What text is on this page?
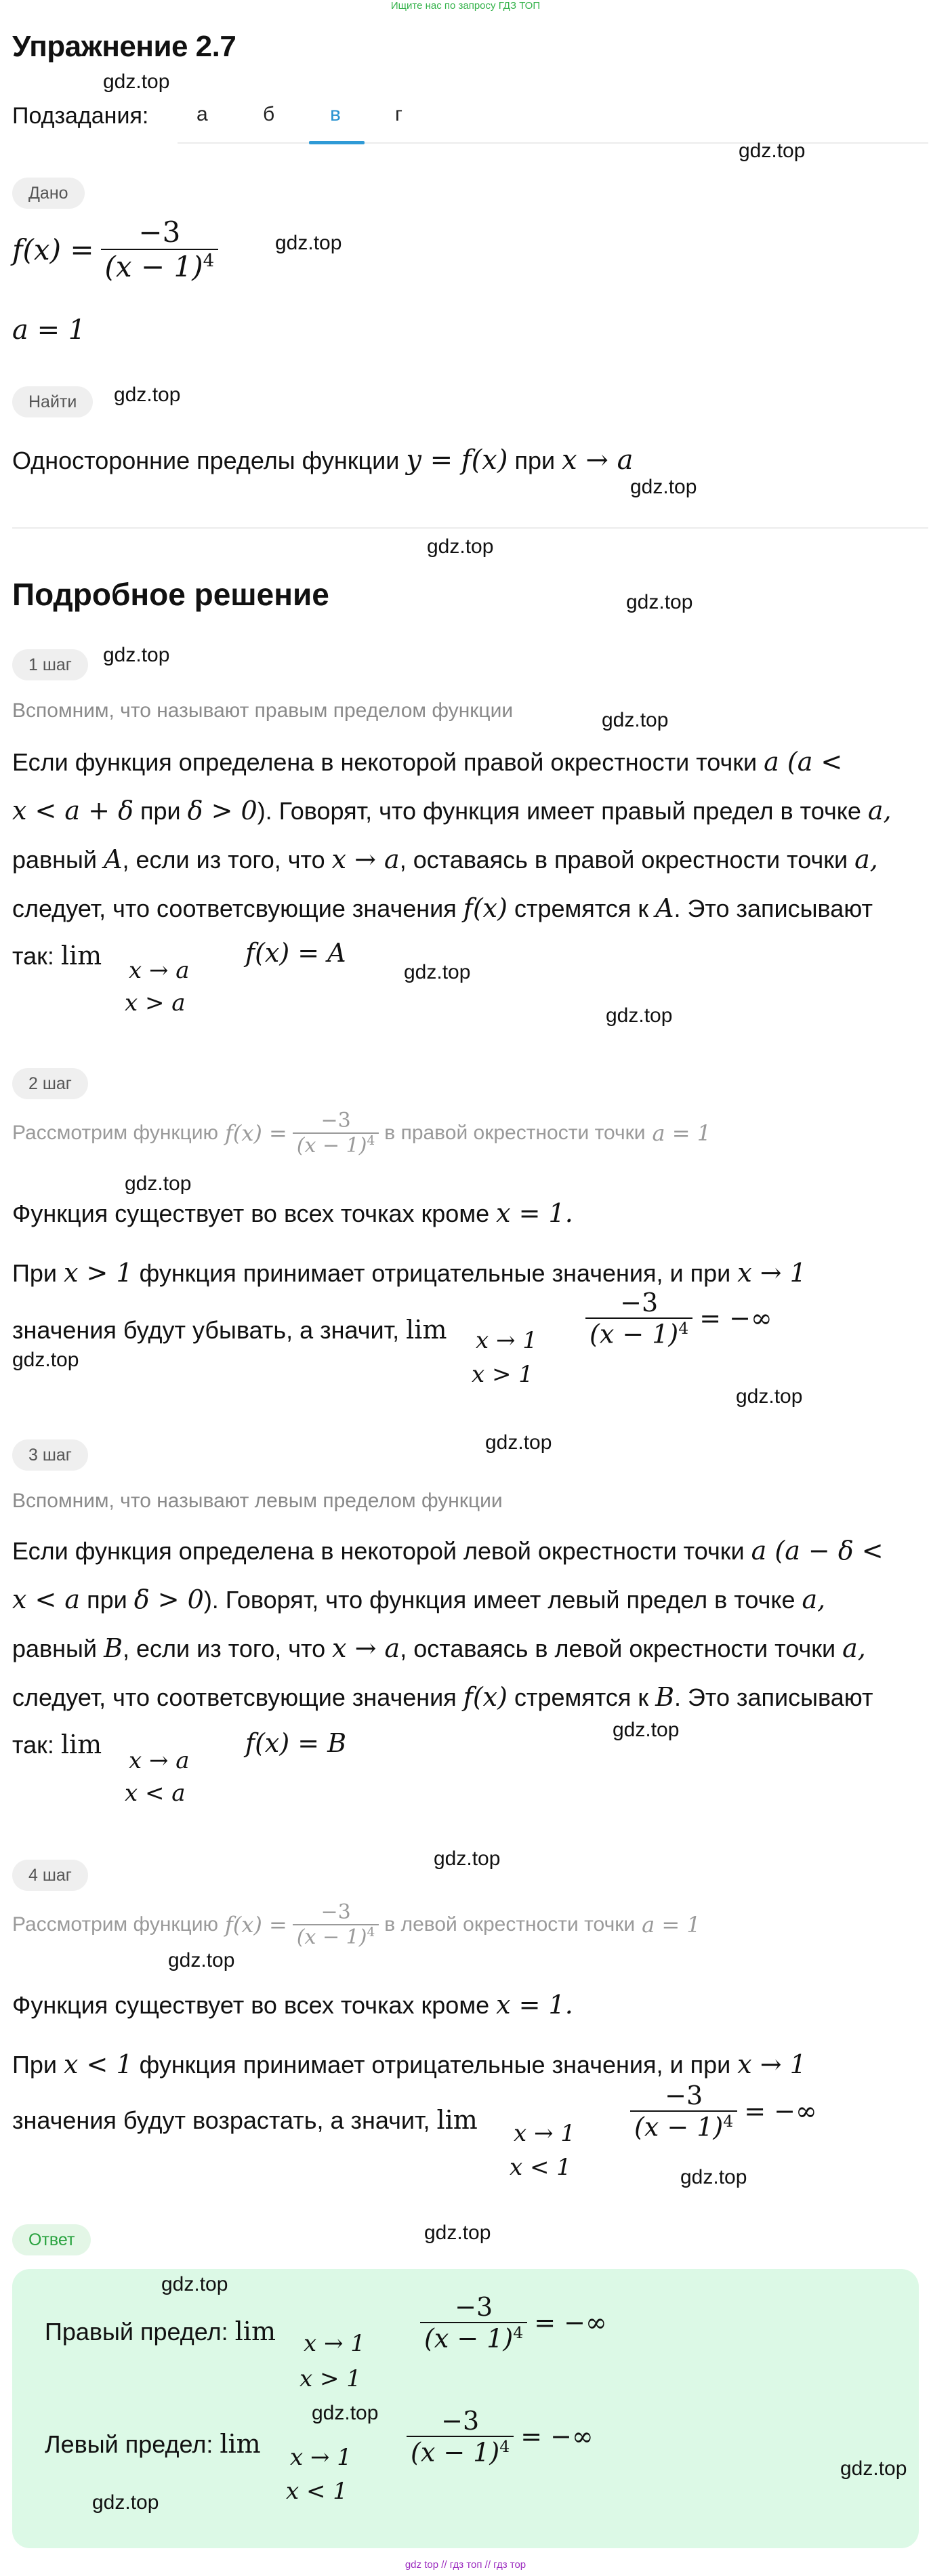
Ищите нас по запросу ГДЗ ТОП
Упражнение 2.7
gdz.top
Подзадания: а	б	в	г
gdz.top
Дано
$f(x) = \frac{-3}{(x - 1)^4}$	gdz.top
a = 1
Найти	gdz.top
Односторонние пределы функции y = f(x) при x → a
gdz.top
gdz.top
Подробное решение	gdz.top
1 шаг	gdz.top
Вспомним, что называют правым пределом функции	gdz.top
Если функция определена в некоторой правой окрестности точки a (a <
x < a + δ при δ > 0). Говорят, что функция имеет правый предел в точке a,
равный A, если из того, что x → a, оставаясь в правой окрестности точки a,
следует, что соответсвующие значения f(x) стремятся к A. Это записывают
так: lim x → a
x > a
f(x) = A
gdz.top
gdz.top
2 шаг
Рассмотрим функцию $f(x) = \frac{-3}{(x - 1)^4}$ в правой окрестности точки a = 1
gdz.top
Функция существует во всех точках кроме x = 1.
При x > 1 функция принимает отрицательные значения, и при x → 1
значения будут убывать, а значит, lim x → 1
x > 1
$\frac{-3}{(x - 1)^4}$ = −∞
gdz.top
gdz.top
gdz.top
3 шаг
Вспомним, что называют левым пределом функции
Если функция определена в некоторой левой окрестности точки a (a − δ <
x < a при δ > 0). Говорят, что функция имеет левый предел в точке a,
равный B, если из того, что x → a, оставаясь в левой окрестности точки a,
следует, что соответсвующие значения f(x) стремятся к B. Это записывают
gdz.top
так: lim
x → a
x < a
f(x) = B
gdz.top
4 шаг
Рассмотрим функцию $f(x) = \frac{-3}{(x - 1)^4}$ в левой окрестности точки a = 1
gdz.top
Функция существует во всех точках кроме x = 1.
При x < 1 функция принимает отрицательные значения, и при x → 1
значения будут возрастать, а значит, lim x → 1
x < 1
$\frac{-3}{(x - 1)^4}$ = −∞
gdz.top
Ответ	gdz.top
gdz.top
Правый предел: lim x → 1
x > 1
$\frac{-3}{(x - 1)^4}$ = −∞
gdz.top
Левый предел: lim x → 1
x < 1
$\frac{-3}{(x - 1)^4}$ = −∞
gdz.top
gdz.top
gdz top // гдз топ // гдз тор
